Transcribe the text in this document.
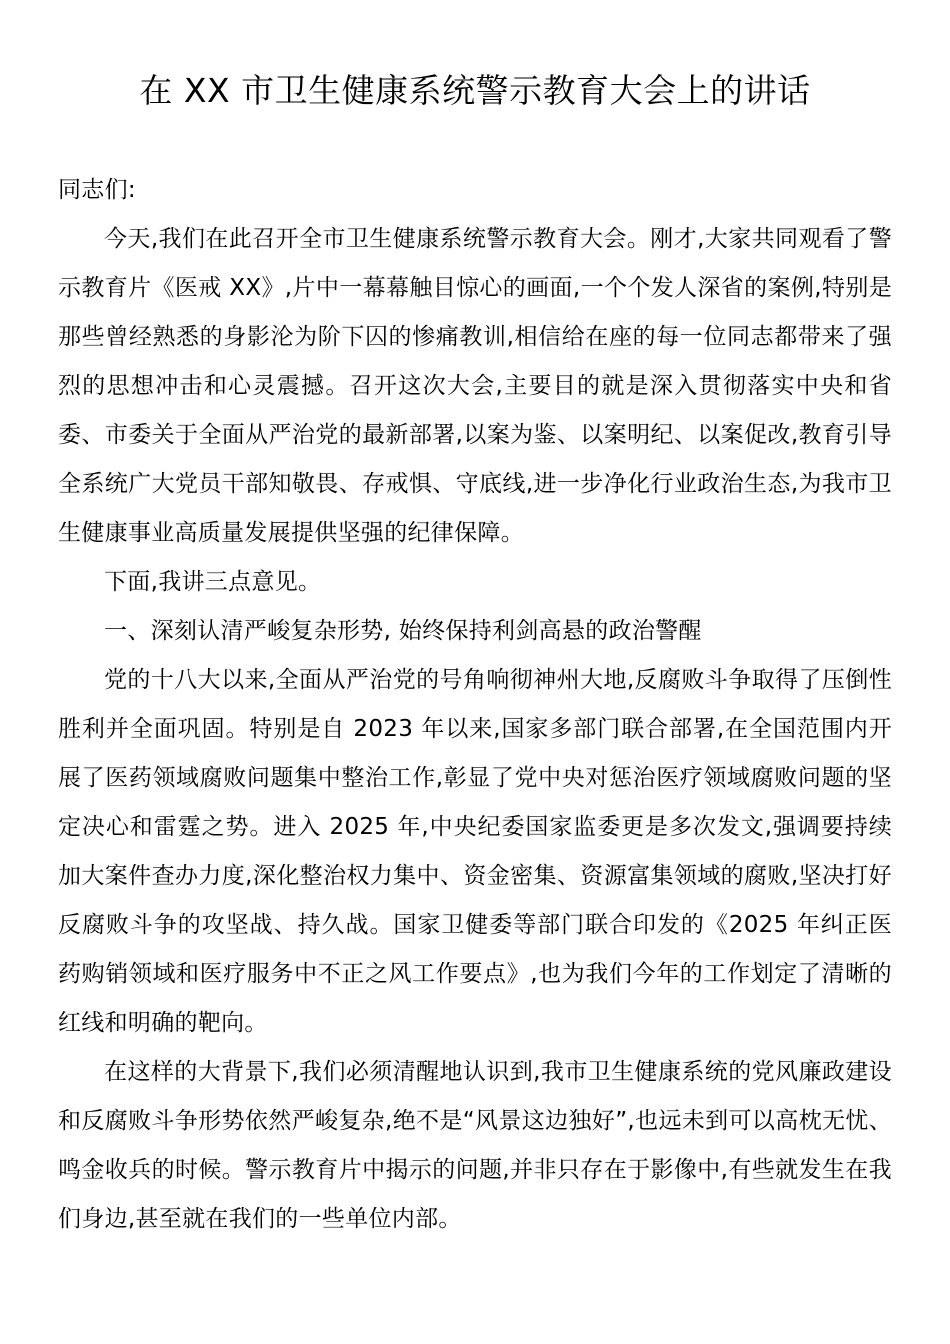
在 XX 市卫生健康系统警示教育大会上的讲话

同志们:

今天,我们在此召开全市卫生健康系统警示教育大会。刚才,大家共同观看了警示教育片《医戒 XX》,片中一幕幕触目惊心的画面,一个个发人深省的案例,特别是那些曾经熟悉的身影沦为阶下囚的惨痛教训,相信给在座的每一位同志都带来了强烈的思想冲击和心灵震撼。召开这次大会,主要目的就是深入贯彻落实中央和省委、市委关于全面从严治党的最新部署,以案为鉴、以案明纪、以案促改,教育引导全系统广大党员干部知敬畏、存戒惧、守底线,进一步净化行业政治生态,为我市卫生健康事业高质量发展提供坚强的纪律保障。

下面,我讲三点意见。

一、深刻认清严峻复杂形势, 始终保持利剑高悬的政治警醒

党的十八大以来,全面从严治党的号角响彻神州大地,反腐败斗争取得了压倒性胜利并全面巩固。特别是自 2023 年以来,国家多部门联合部署,在全国范围内开展了医药领域腐败问题集中整治工作,彰显了党中央对惩治医疗领域腐败问题的坚定决心和雷霆之势。进入 2025 年,中央纪委国家监委更是多次发文,强调要持续加大案件查办力度,深化整治权力集中、资金密集、资源富集领域的腐败,坚决打好反腐败斗争的攻坚战、持久战。国家卫健委等部门联合印发的《2025 年纠正医药购销领域和医疗服务中不正之风工作要点》,也为我们今年的工作划定了清晰的红线和明确的靶向。

在这样的大背景下,我们必须清醒地认识到,我市卫生健康系统的党风廉政建设和反腐败斗争形势依然严峻复杂,绝不是“风景这边独好”,也远未到可以高枕无忧、鸣金收兵的时候。警示教育片中揭示的问题,并非只存在于影像中,有些就发生在我们身边,甚至就在我们的一些单位内部。
